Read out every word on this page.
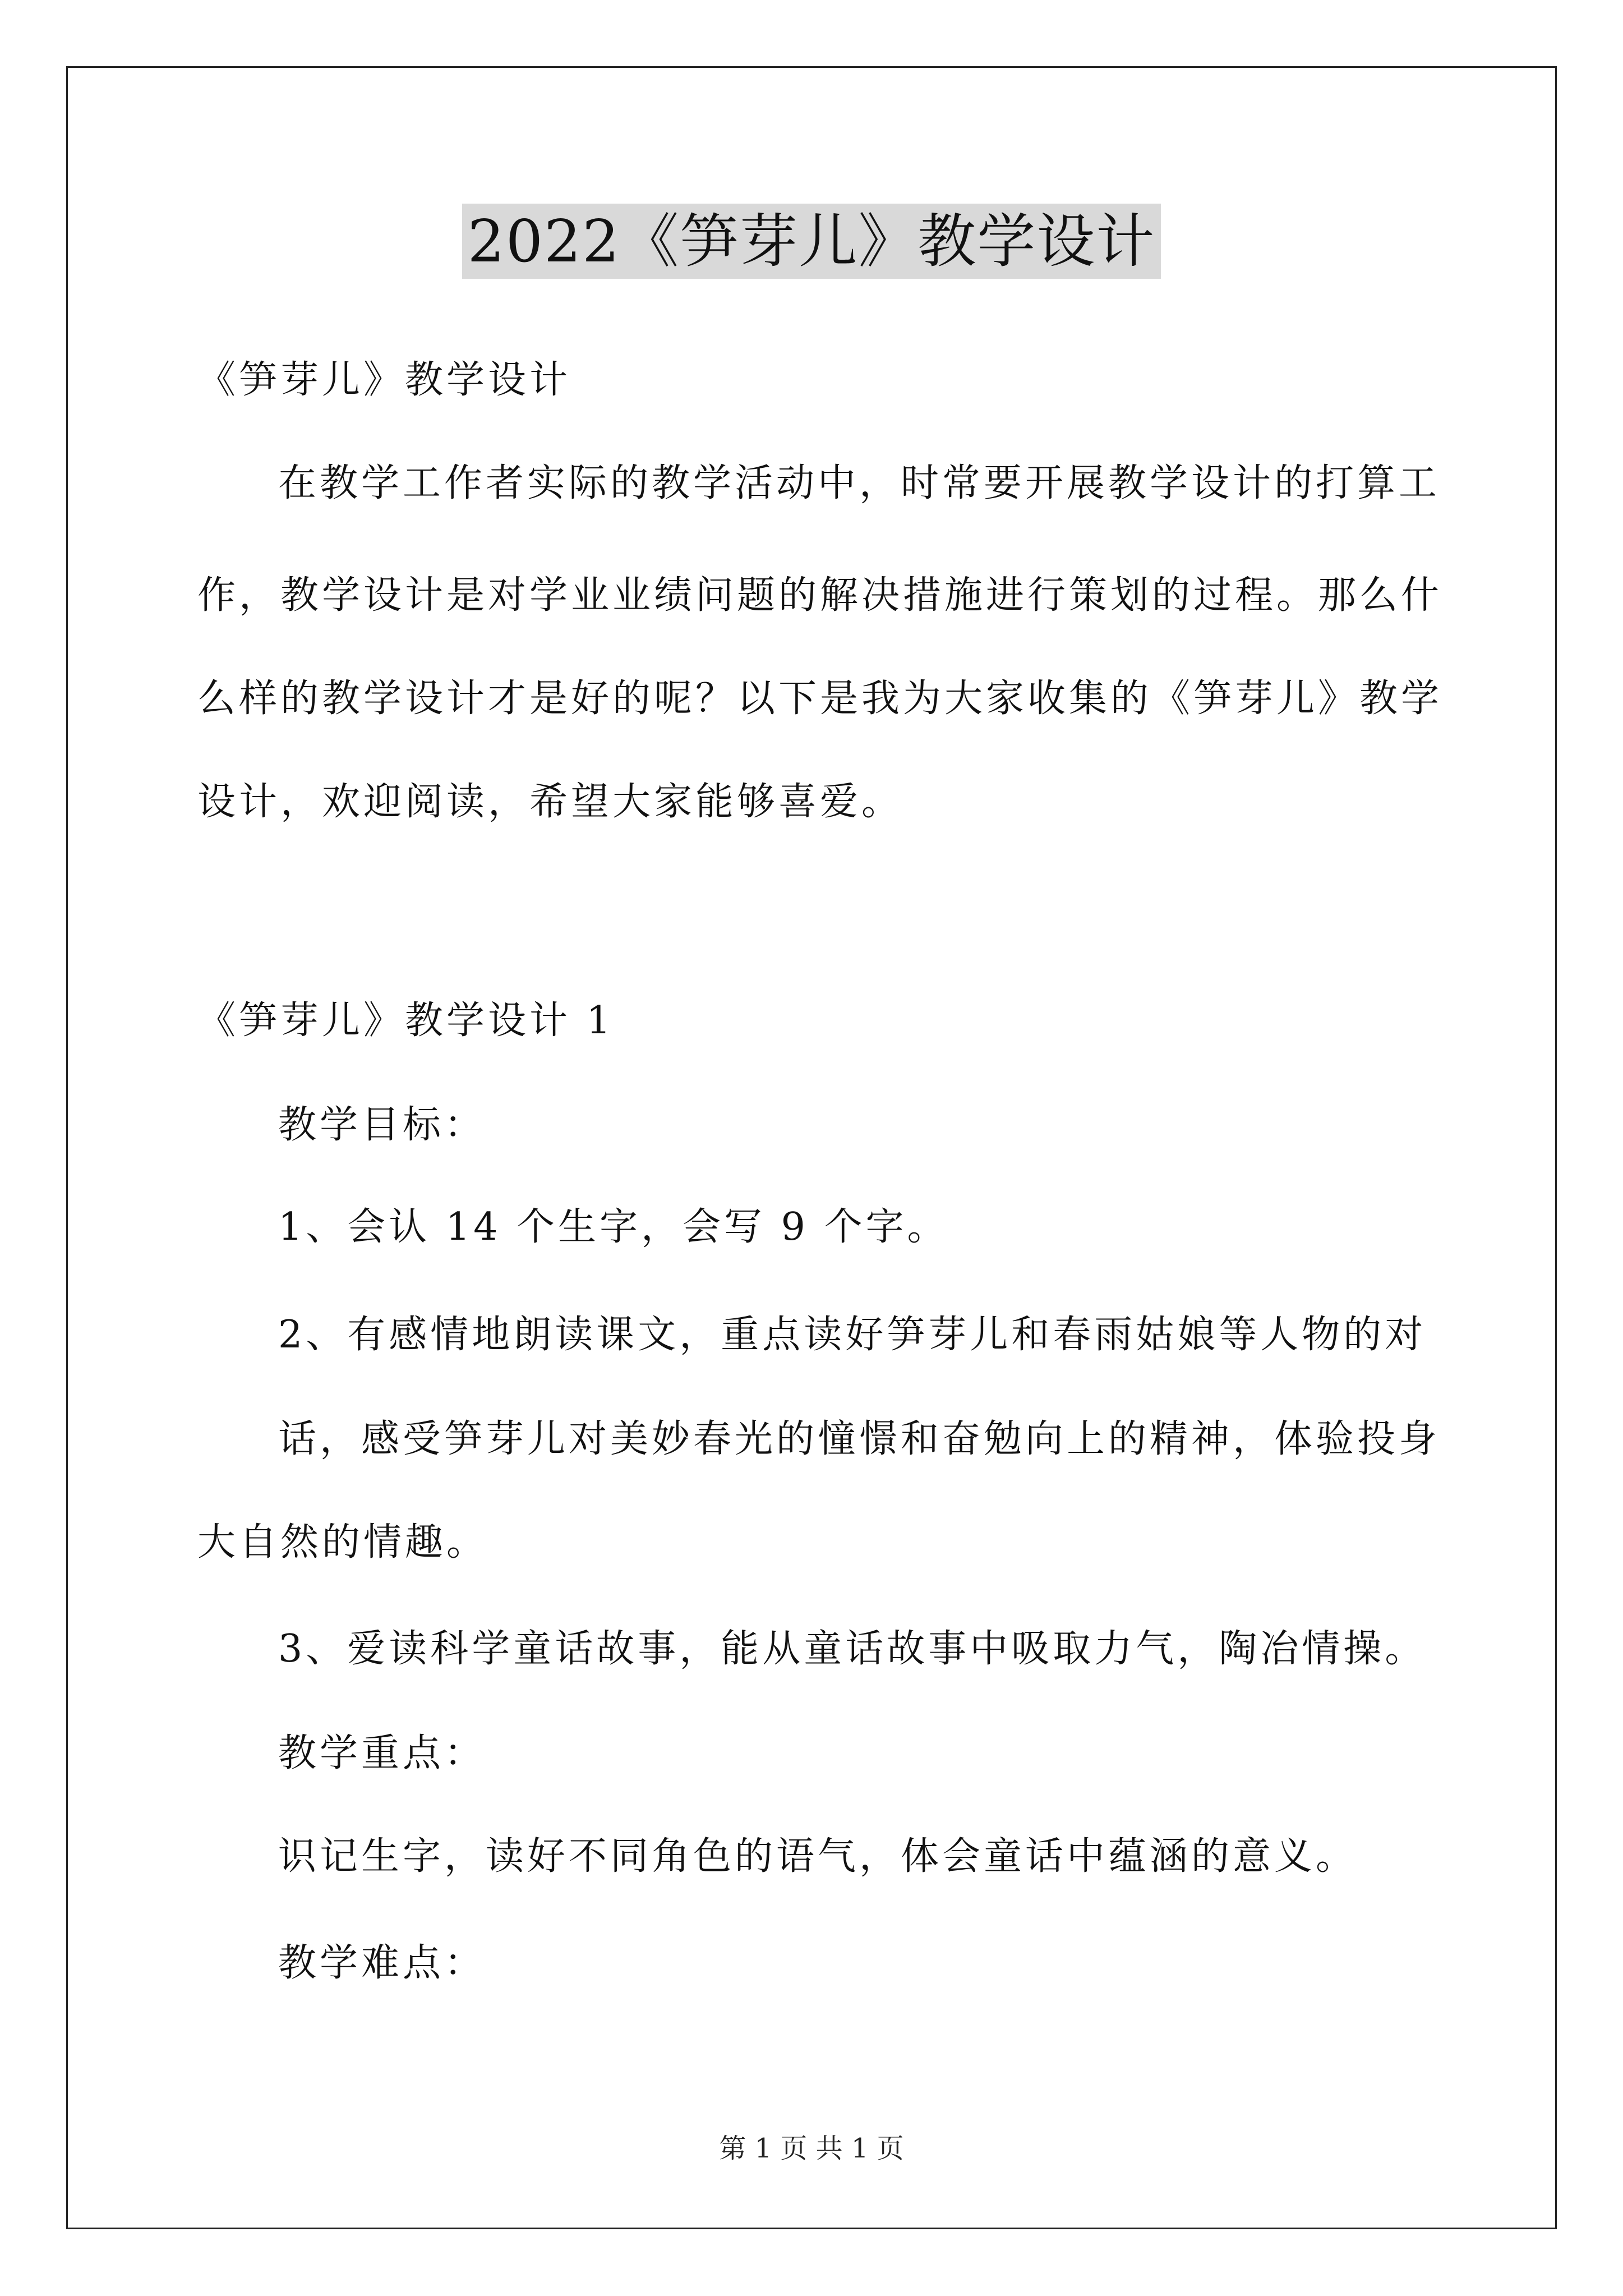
2022《笋芽儿》教学设计
《笋芽儿》教学设计
在教学工作者实际的教学活动中，时常要开展教学设计的打算工
作，教学设计是对学业业绩问题的解决措施进行策划的过程。那么什
么样的教学设计才是好的呢？以下是我为大家收集的《笋芽儿》教学
设计，欢迎阅读，希望大家能够喜爱。
《笋芽儿》教学设计 1
教学目标：
1、会认 14 个生字，会写 9 个字。
2、有感情地朗读课文，重点读好笋芽儿和春雨姑娘等人物的对
话，感受笋芽儿对美妙春光的憧憬和奋勉向上的精神，体验投身
大自然的情趣。
3、爱读科学童话故事，能从童话故事中吸取力气，陶冶情操。
教学重点：
识记生字，读好不同角色的语气，体会童话中蕴涵的意义。
教学难点：
第 1 页 共 1 页
